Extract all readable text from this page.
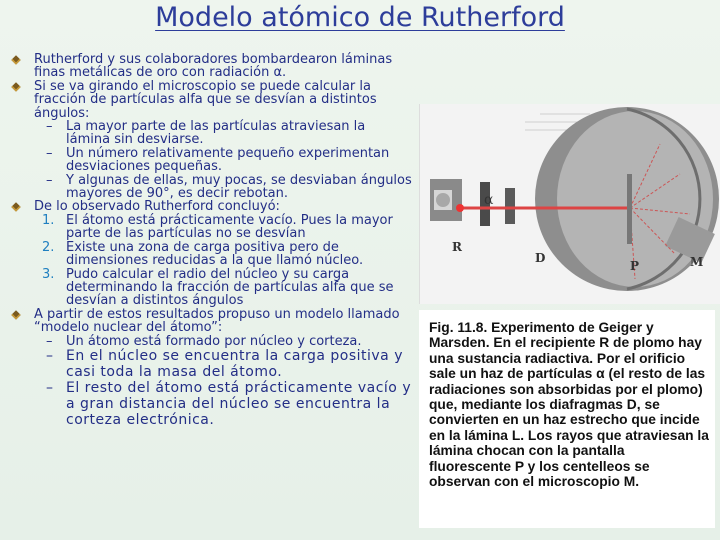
Modelo atómico de Rutherford

Rutherford y sus colaboradores bombardearon láminas finas metálicas de oro con radiación α.

Si se va girando el microscopio se puede calcular la fracción de partículas alfa que se desvían a distintos ángulos:

– La mayor parte de las partículas atraviesan la lámina sin desviarse.

– Un número relativamente pequeño experimentan desviaciones pequeñas.

– Y algunas de ellas, muy pocas, se desviaban ángulos mayores de 90°, es decir rebotan.

De lo observado Rutherford concluyó:

1. El átomo está prácticamente vacío. Pues la mayor parte de las partículas no se desvían

2. Existe una zona de carga positiva pero de dimensiones reducidas a la que llamó núcleo.

3. Pudo calcular el radio del núcleo y su carga determinando la fracción de partículas alfa que se desvían a distintos ángulos

A partir de estos resultados propuso un modelo llamado “modelo nuclear del átomo”:

– Un átomo está formado por núcleo y corteza.

– En el núcleo se encuentra la carga positiva y casi toda la masa del átomo.

– El resto del átomo está prácticamente vacío y a gran distancia del núcleo se encuentra la corteza electrónica.

α
R
D
P	M
Fig. 11.8. Experimento de Geiger y Marsden. En el recipiente R de plomo hay una sustancia radiactiva. Por el orificio sale un haz de partículas α (el resto de las radiaciones son absorbidas por el plomo) que, mediante los diafragmas D, se convierten en un haz estrecho que incide en la lámina L. Los rayos que atraviesan la lámina chocan con la pantalla fluorescente P y los centelleos se observan con el microscopio M.
